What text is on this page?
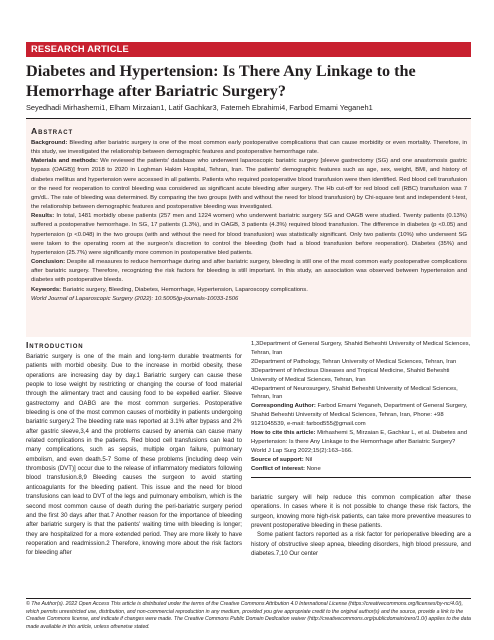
RESEARCH ARTICLE
Diabetes and Hypertension: Is There Any Linkage to the Hemorrhage after Bariatric Surgery?
Seyedhadi Mirhashemi1, Elham Mirzaian1, Latif Gachkar3, Fatemeh Ebrahimi4, Farbod Emami Yeganeh1
Abstract

Background: Bleeding after bariatric surgery is one of the most common early postoperative complications that can cause morbidity or even mortality. Therefore, in this study, we investigated the relationship between demographic features and postoperative hemorrhage rate.

Materials and methods: We reviewed the patients' database who underwent laparoscopic bariatric surgery [sleeve gastrectomy (SG) and one anastomosis gastric bypass (OAGB)] from 2018 to 2020 in Loghman Hakim Hospital, Tehran, Iran. The patients' demographic features such as age, sex, weight, BMI, and history of diabetes mellitus and hypertension were accessed in all patients. Patients who required postoperative blood transfusion were then identified. Red blood cell transfusion or the need for reoperation to control bleeding was considered as significant acute bleeding after surgery. The Hb cut-off for red blood cell (RBC) transfusion was 7 gm/dL. The rate of bleeding was determined. By comparing the two groups (with and without the need for blood transfusion) by Chi-square test and independent t-test, the relationship between demographic features and postoperative bleeding was investigated.

Results: In total, 1481 morbidly obese patients (257 men and 1224 women) who underwent bariatric surgery SG and OAGB were studied. Twenty patients (0.13%) suffered a postoperative hemorrhage. In SG, 17 patients (1.3%), and in OAGB, 3 patients (4.3%) required blood transfusion. The difference in diabetes (p <0.05) and hypertension (p <0.048) in the two groups (with and without the need for blood transfusion) was statistically significant. Only two patients (10%) who underwent SG were taken to the operating room at the surgeon's discretion to control the bleeding (both had a blood transfusion before reoperation). Diabetes (35%) and hypertension (25.7%) were significantly more common in postoperative bled patients.

Conclusion: Despite all measures to reduce hemorrhage during and after bariatric surgery, bleeding is still one of the most common early postoperative complications after bariatric surgery. Therefore, recognizing the risk factors for bleeding is still important. In this study, an association was observed between hypertension and diabetes with postoperative bleeds.

Keywords: Bariatric surgery, Bleeding, Diabetes, Hemorrhage, Hypertension, Laparoscopy complications.

World Journal of Laparoscopic Surgery (2022): 10.5005/jp-journals-10033-1506

Introduction
Bariatric surgery is one of the main and long-term durable treatments for patients with morbid obesity. Due to the increase in morbid obesity, these operations are increasing day by day.1 Bariatric surgery can cause these people to lose weight by restricting or changing the course of food material through the alimentary tract and causing food to be expelled earlier. Sleeve gastrectomy and OABG are the most common surgeries. Postoperative bleeding is one of the most common causes of morbidity in patients undergoing bariatric surgery.2 The bleeding rate was reported at 3.1% after bypass and 2% after gastric sleeve,3,4 and the problems caused by anemia can cause many related complications in the patients. Red blood cell transfusions can lead to many complications, such as sepsis, multiple organ failure, pulmonary embolism, and even death.5-7 Some of these problems [including deep vein thrombosis (DVT)] occur due to the release of inflammatory mediators following blood transfusion.8,9 Bleeding causes the surgeon to avoid starting anticoagulants for the bleeding patient. This issue and the need for blood transfusions can lead to DVT of the legs and pulmonary embolism, which is the second most common cause of death during the peri-bariatric surgery period and the first 30 days after that.7 Another reason for the importance of bleeding after bariatric surgery is that the patients' waiting time with bleeding is longer; they are hospitalized for a more extended period. They are more likely to have reoperation and readmission.2 Therefore, knowing more about the risk factors for bleeding after

1,3Department of General Surgery, Shahid Beheshti University of Medical Sciences, Tehran, Iran

2Department of Pathology, Tehran University of Medical Sciences, Tehran, Iran

3Department of Infectious Diseases and Tropical Medicine, Shahid Beheshti University of Medical Sciences, Tehran, Iran

4Department of Neurosurgery, Shahid Beheshti University of Medical Sciences, Tehran, Iran

Corresponding Author: Farbod Emami Yeganeh, Department of General Surgery, Shahid Beheshti University of Medical Sciences, Tehran, Iran, Phone: +98 9121045539, e-mail: farbod555@gmail.com

How to cite this article: Mirhashemi S, Mirzaian E, Gachkar L, et al. Diabetes and Hypertension: Is there Any Linkage to the Hemorrhage after Bariatric Surgery? World J Lap Surg 2022;15(2):163–166.

Source of support: Nil

Conflict of interest: None

bariatric surgery will help reduce this common complication after these operations. In cases where it is not possible to change these risk factors, the surgeon, knowing more high-risk patients, can take more preventive measures to prevent postoperative bleeding in these patients.

Some patient factors reported as a risk factor for perioperative bleeding are a history of obstructive sleep apnea, bleeding disorders, high blood pressure, and diabetes.7,10 Our center

© The Author(s). 2022 Open Access This article is distributed under the terms of the Creative Commons Attribution 4.0 International License (https://creativecommons.org/licenses/by-nc/4.0/), which permits unrestricted use, distribution, and non-commercial reproduction in any medium, provided you give appropriate credit to the original author(s) and the source, provide a link to the Creative Commons license, and indicate if changes were made. The Creative Commons Public Domain Dedication waiver (http://creativecommons.org/publicdomain/zero/1.0/) applies to the data made available in this article, unless otherwise stated.
